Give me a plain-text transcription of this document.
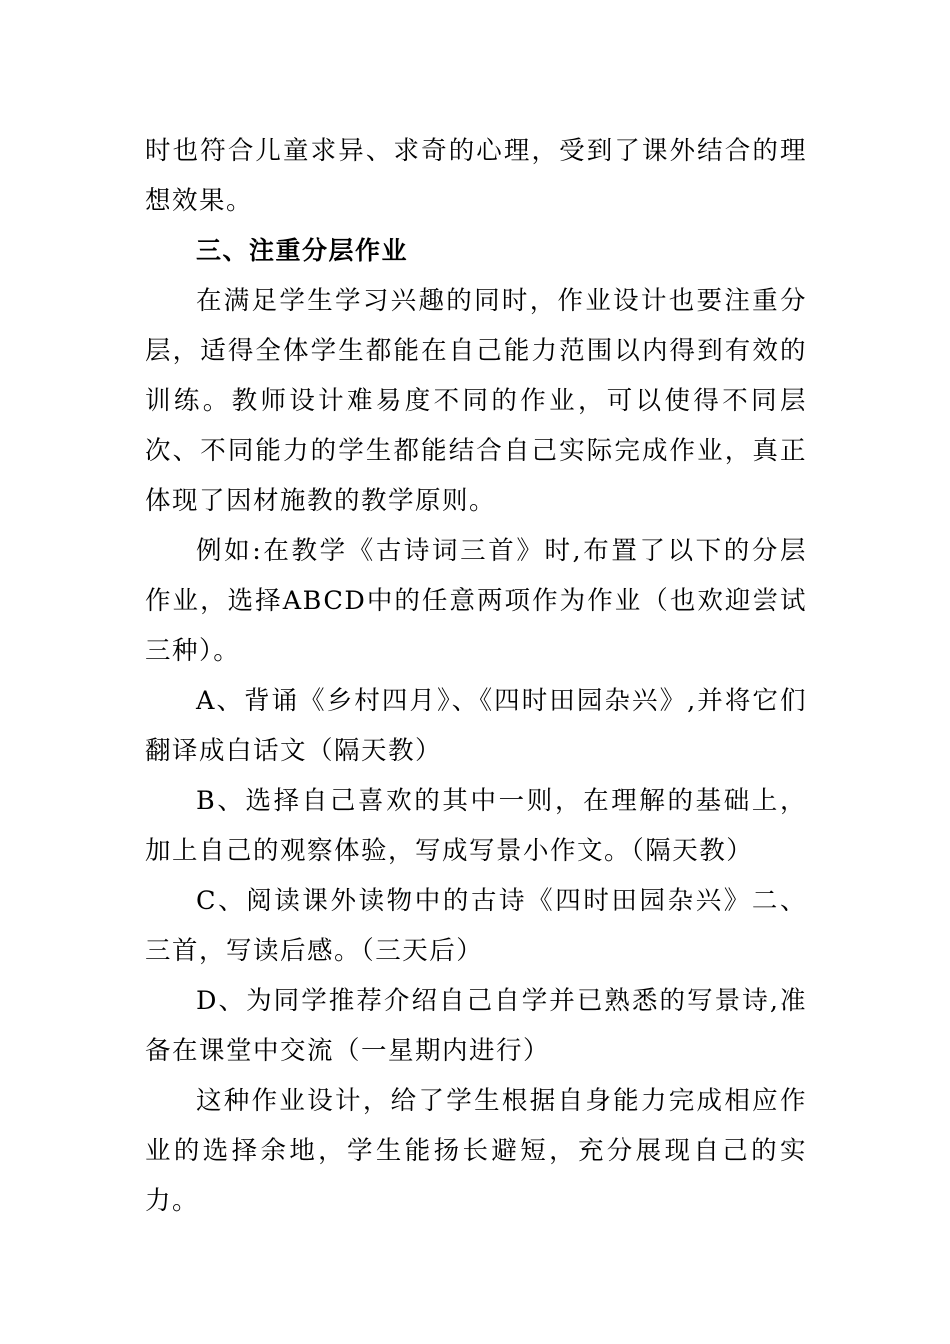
时也符合儿童求异、求奇的心理，受到了课外结合的理想效果。

三、注重分层作业

在满足学生学习兴趣的同时，作业设计也要注重分层，适得全体学生都能在自己能力范围以内得到有效的训练。教师设计难易度不同的作业，可以使得不同层次、不同能力的学生都能结合自己实际完成作业，真正体现了因材施教的教学原则。

例如:在教学《古诗词三首》时,布置了以下的分层作业，选择ABCD中的任意两项作为作业（也欢迎尝试三种）。

A、背诵《乡村四月》、《四时田园杂兴》,并将它们翻译成白话文（隔天教）

B、选择自己喜欢的其中一则，在理解的基础上，加上自己的观察体验，写成写景小作文。（隔天教）

C、阅读课外读物中的古诗《四时田园杂兴》二、三首，写读后感。（三天后）

D、为同学推荐介绍自己自学并已熟悉的写景诗,准备在课堂中交流（一星期内进行）

这种作业设计，给了学生根据自身能力完成相应作业的选择余地，学生能扬长避短，充分展现自己的实力。
